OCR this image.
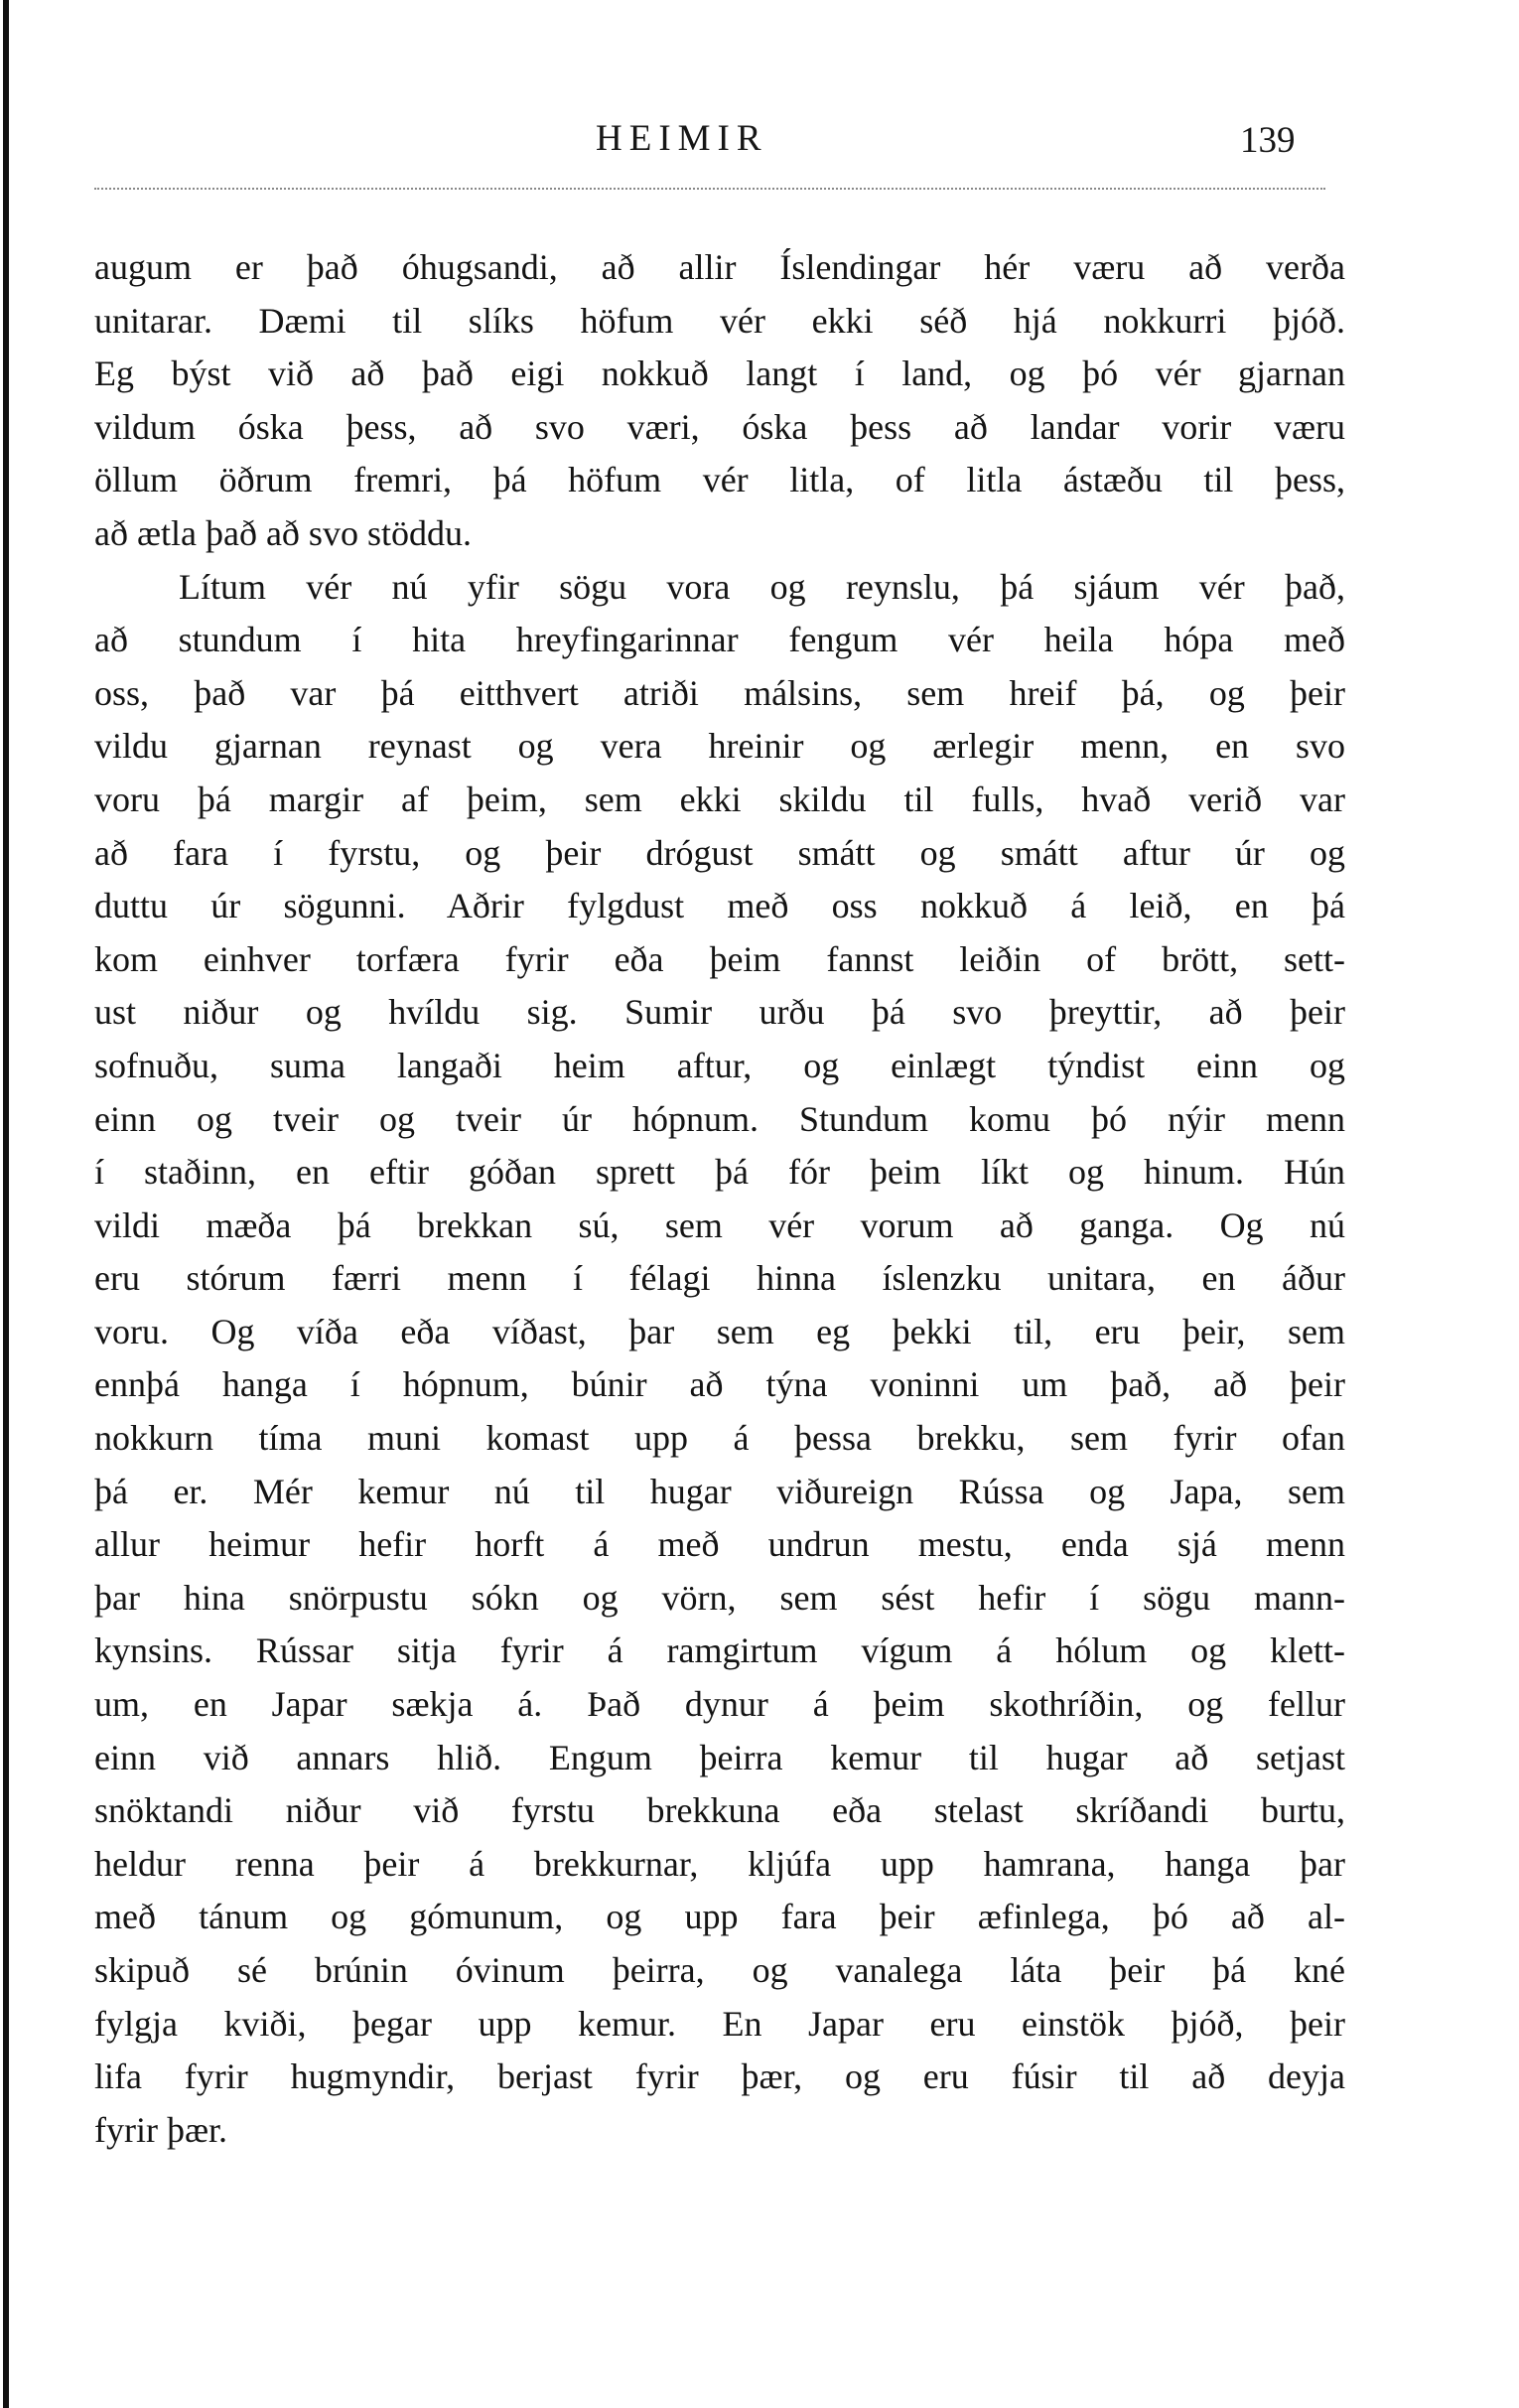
HEIMIR	139
augum er það óhugsandi, að allir Íslendingar hér væru að verða
unitarar. Dæmi til slíks höfum vér ekki séð hjá nokkurri þjóð.
Eg býst við að það eigi nokkuð langt í land, og þó vér gjarnan
vildum óska þess, að svo væri, óska þess að landar vorir væru
öllum öðrum fremri, þá höfum vér litla, of litla ástæðu til þess,
að ætla það að svo stöddu.
Lítum vér nú yfir sögu vora og reynslu, þá sjáum vér það,
að stundum í hita hreyfingarinnar fengum vér heila hópa með
oss, það var þá eitthvert atriði málsins, sem hreif þá, og þeir
vildu gjarnan reynast og vera hreinir og ærlegir menn, en svo
voru þá margir af þeim, sem ekki skildu til fulls, hvað verið var
að fara í fyrstu, og þeir drógust smátt og smátt aftur úr og
duttu úr sögunni. Aðrir fylgdust með oss nokkuð á leið, en þá
kom einhver torfæra fyrir eða þeim fannst leiðin of brött, sett-
ust niður og hvíldu sig. Sumir urðu þá svo þreyttir, að þeir
sofnuðu, suma langaði heim aftur, og einlægt týndist einn og
einn og tveir og tveir úr hópnum. Stundum komu þó nýir menn
í staðinn, en eftir góðan sprett þá fór þeim líkt og hinum. Hún
vildi mæða þá brekkan sú, sem vér vorum að ganga. Og nú
eru stórum færri menn í félagi hinna íslenzku unitara, en áður
voru. Og víða eða víðast, þar sem eg þekki til, eru þeir, sem
ennþá hanga í hópnum, búnir að týna voninni um það, að þeir
nokkurn tíma muni komast upp á þessa brekku, sem fyrir ofan
þá er. Mér kemur nú til hugar viðureign Rússa og Japa, sem
allur heimur hefir horft á með undrun mestu, enda sjá menn
þar hina snörpustu sókn og vörn, sem sést hefir í sögu mann-
kynsins. Rússar sitja fyrir á ramgirtum vígum á hólum og klett-
um, en Japar sækja á. Það dynur á þeim skothríðin, og fellur
einn við annars hlið. Engum þeirra kemur til hugar að setjast
snöktandi niður við fyrstu brekkuna eða stelast skríðandi burtu,
heldur renna þeir á brekkurnar, kljúfa upp hamrana, hanga þar
með tánum og gómunum, og upp fara þeir æfinlega, þó að al-
skipuð sé brúnin óvinum þeirra, og vanalega láta þeir þá kné
fylgja kviði, þegar upp kemur. En Japar eru einstök þjóð, þeir
lifa fyrir hugmyndir, berjast fyrir þær, og eru fúsir til að deyja
fyrir þær.
